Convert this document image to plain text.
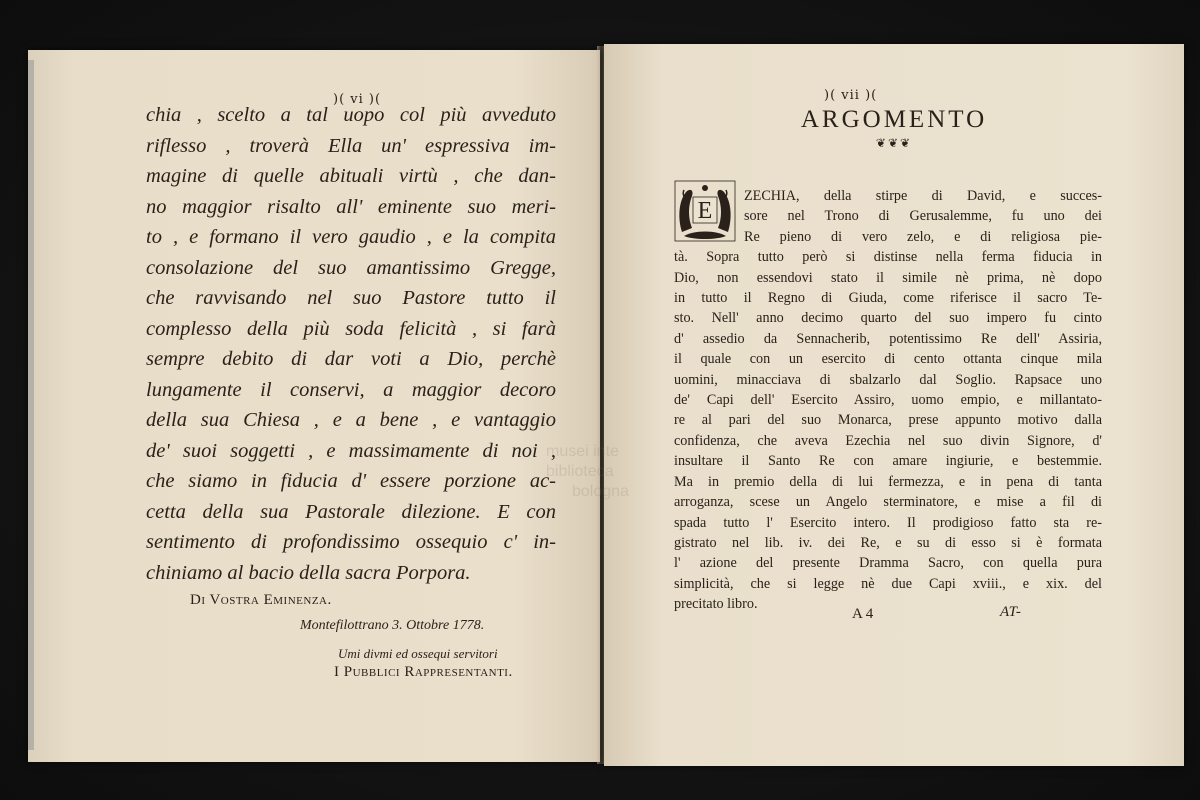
)( vi )(
chia , scelto a tal uopo col più avveduto
riflesso , troverà Ella un' espressiva im-
magine di quelle abituali virtù , che dan-
no maggior risalto all' eminente suo meri-
to , e formano il vero gaudio , e la compita
consolazione del suo amantissimo Gregge,
che ravvisando nel suo Pastore tutto il
complesso della più soda felicità , si farà
sempre debito di dar voti a Dio, perchè
lungamente il conservi, a maggior decoro
della sua Chiesa , e a bene , e vantaggio
de' suoi soggetti , e massimamente di noi ,
che siamo in fiducia d' essere porzione ac-
cetta della sua Pastorale dilezione. E con
sentimento di profondissimo ossequio c' in-
chiniamo al bacio della sacra Porpora.
Di Vostra Eminenza.
Montefilottrano 3. Ottobre 1778.
Umi divmi ed ossequi servitori
I Pubblici Rappresentanti.
)( vii )(
ARGOMENTO
❦❦❦
E
ZECHIA, della stirpe di David, e succes-
sore nel Trono di Gerusalemme, fu uno dei
Re pieno di vero zelo, e di religiosa pie-
tà. Sopra tutto però si distinse nella ferma fiducia in
Dio, non essendovi stato il simile nè prima, nè dopo
in tutto il Regno di Giuda, come riferisce il sacro Te-
sto. Nell' anno decimo quarto del suo impero fu cinto
d' assedio da Sennacherib, potentissimo Re dell' Assiria,
il quale con un esercito di cento ottanta cinque mila
uomini, minacciava di sbalzarlo dal Soglio. Rapsace uno
de' Capi dell' Esercito Assiro, uomo empio, e millantato-
re al pari del suo Monarca, prese appunto motivo dalla
confidenza, che aveva Ezechia nel suo divin Signore, d'
insultare il Santo Re con amare ingiurie, e bestemmie.
Ma in premio della di lui fermezza, e in pena di tanta
arroganza, scese un Angelo sterminatore, e mise a fil di
spada tutto l' Esercito intero. Il prodigioso fatto sta re-
gistrato nel lib. iv. dei Re, e su di esso si è formata
l' azione del presente Dramma Sacro, con quella pura
simplicità, che si legge nè due Capi xviii., e xix. del
precitato libro.
A 4	AT-
musei inte
biblioteca
bologna
